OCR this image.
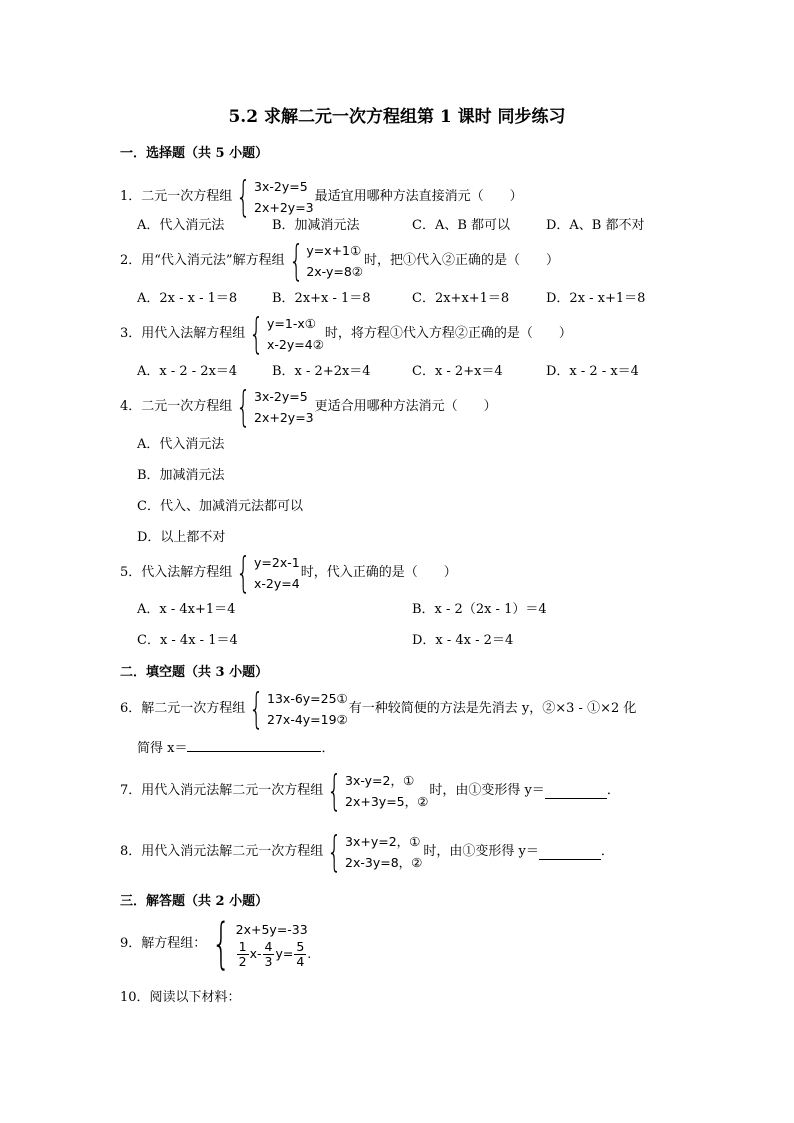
5.2 求解二元一次方程组第 1 课时 同步练习
一．选择题（共 5 小题）
1．二元一次方程组 { 3x-2y=5
2x+2y=3
最适宜用哪种方法直接消元（　　）
A．代入消元法	B．加减消元法	C．A、B 都可以	D．A、B 都不对
2．用“代入消元法”解方程组 { y=x+1①
2x-y=8②
时，把①代入②正确的是（　　）
A．2x - x - 1＝8	B．2x+x - 1＝8	C．2x+x+1＝8	D．2x - x+1＝8
3．用代入法解方程组 { y=1-x①
x-2y=4②
时，将方程①代入方程②正确的是（　　）
A．x - 2 - 2x＝4	B．x - 2+2x＝4	C．x - 2+x＝4	D．x - 2 - x＝4
4．二元一次方程组 { 3x-2y=5
2x+2y=3
更适合用哪种方法消元（　　）
A．代入消元法
B．加减消元法
C．代入、加减消元法都可以
D．以上都不对
5．代入法解方程组 { y=2x-1
x-2y=4
时，代入正确的是（　　）
A．x - 4x+1＝4	B．x - 2（2x - 1）＝4
C．x - 4x - 1＝4	D．x - 4x - 2＝4
二．填空题（共 3 小题）
6．解二元一次方程组 { 13x-6y=25①
27x-4y=19②
有一种较简便的方法是先消去 y，②×3 - ①×2 化
简得 x＝	．
7．用代入消元法解二元一次方程组 { 3x-y=2，①
2x+3y=5，②
时，由①变形得 y＝	．
8．用代入消元法解二元一次方程组 { 3x+y=2，①
2x-3y=8，②
时，由①变形得 y＝	．
三．解答题（共 2 小题）
9．解方程组： { 2x+5y=-33
$\frac{1}{2} x- \frac{4}{3} y= \frac{5}{4}$ .
10．阅读以下材料：
